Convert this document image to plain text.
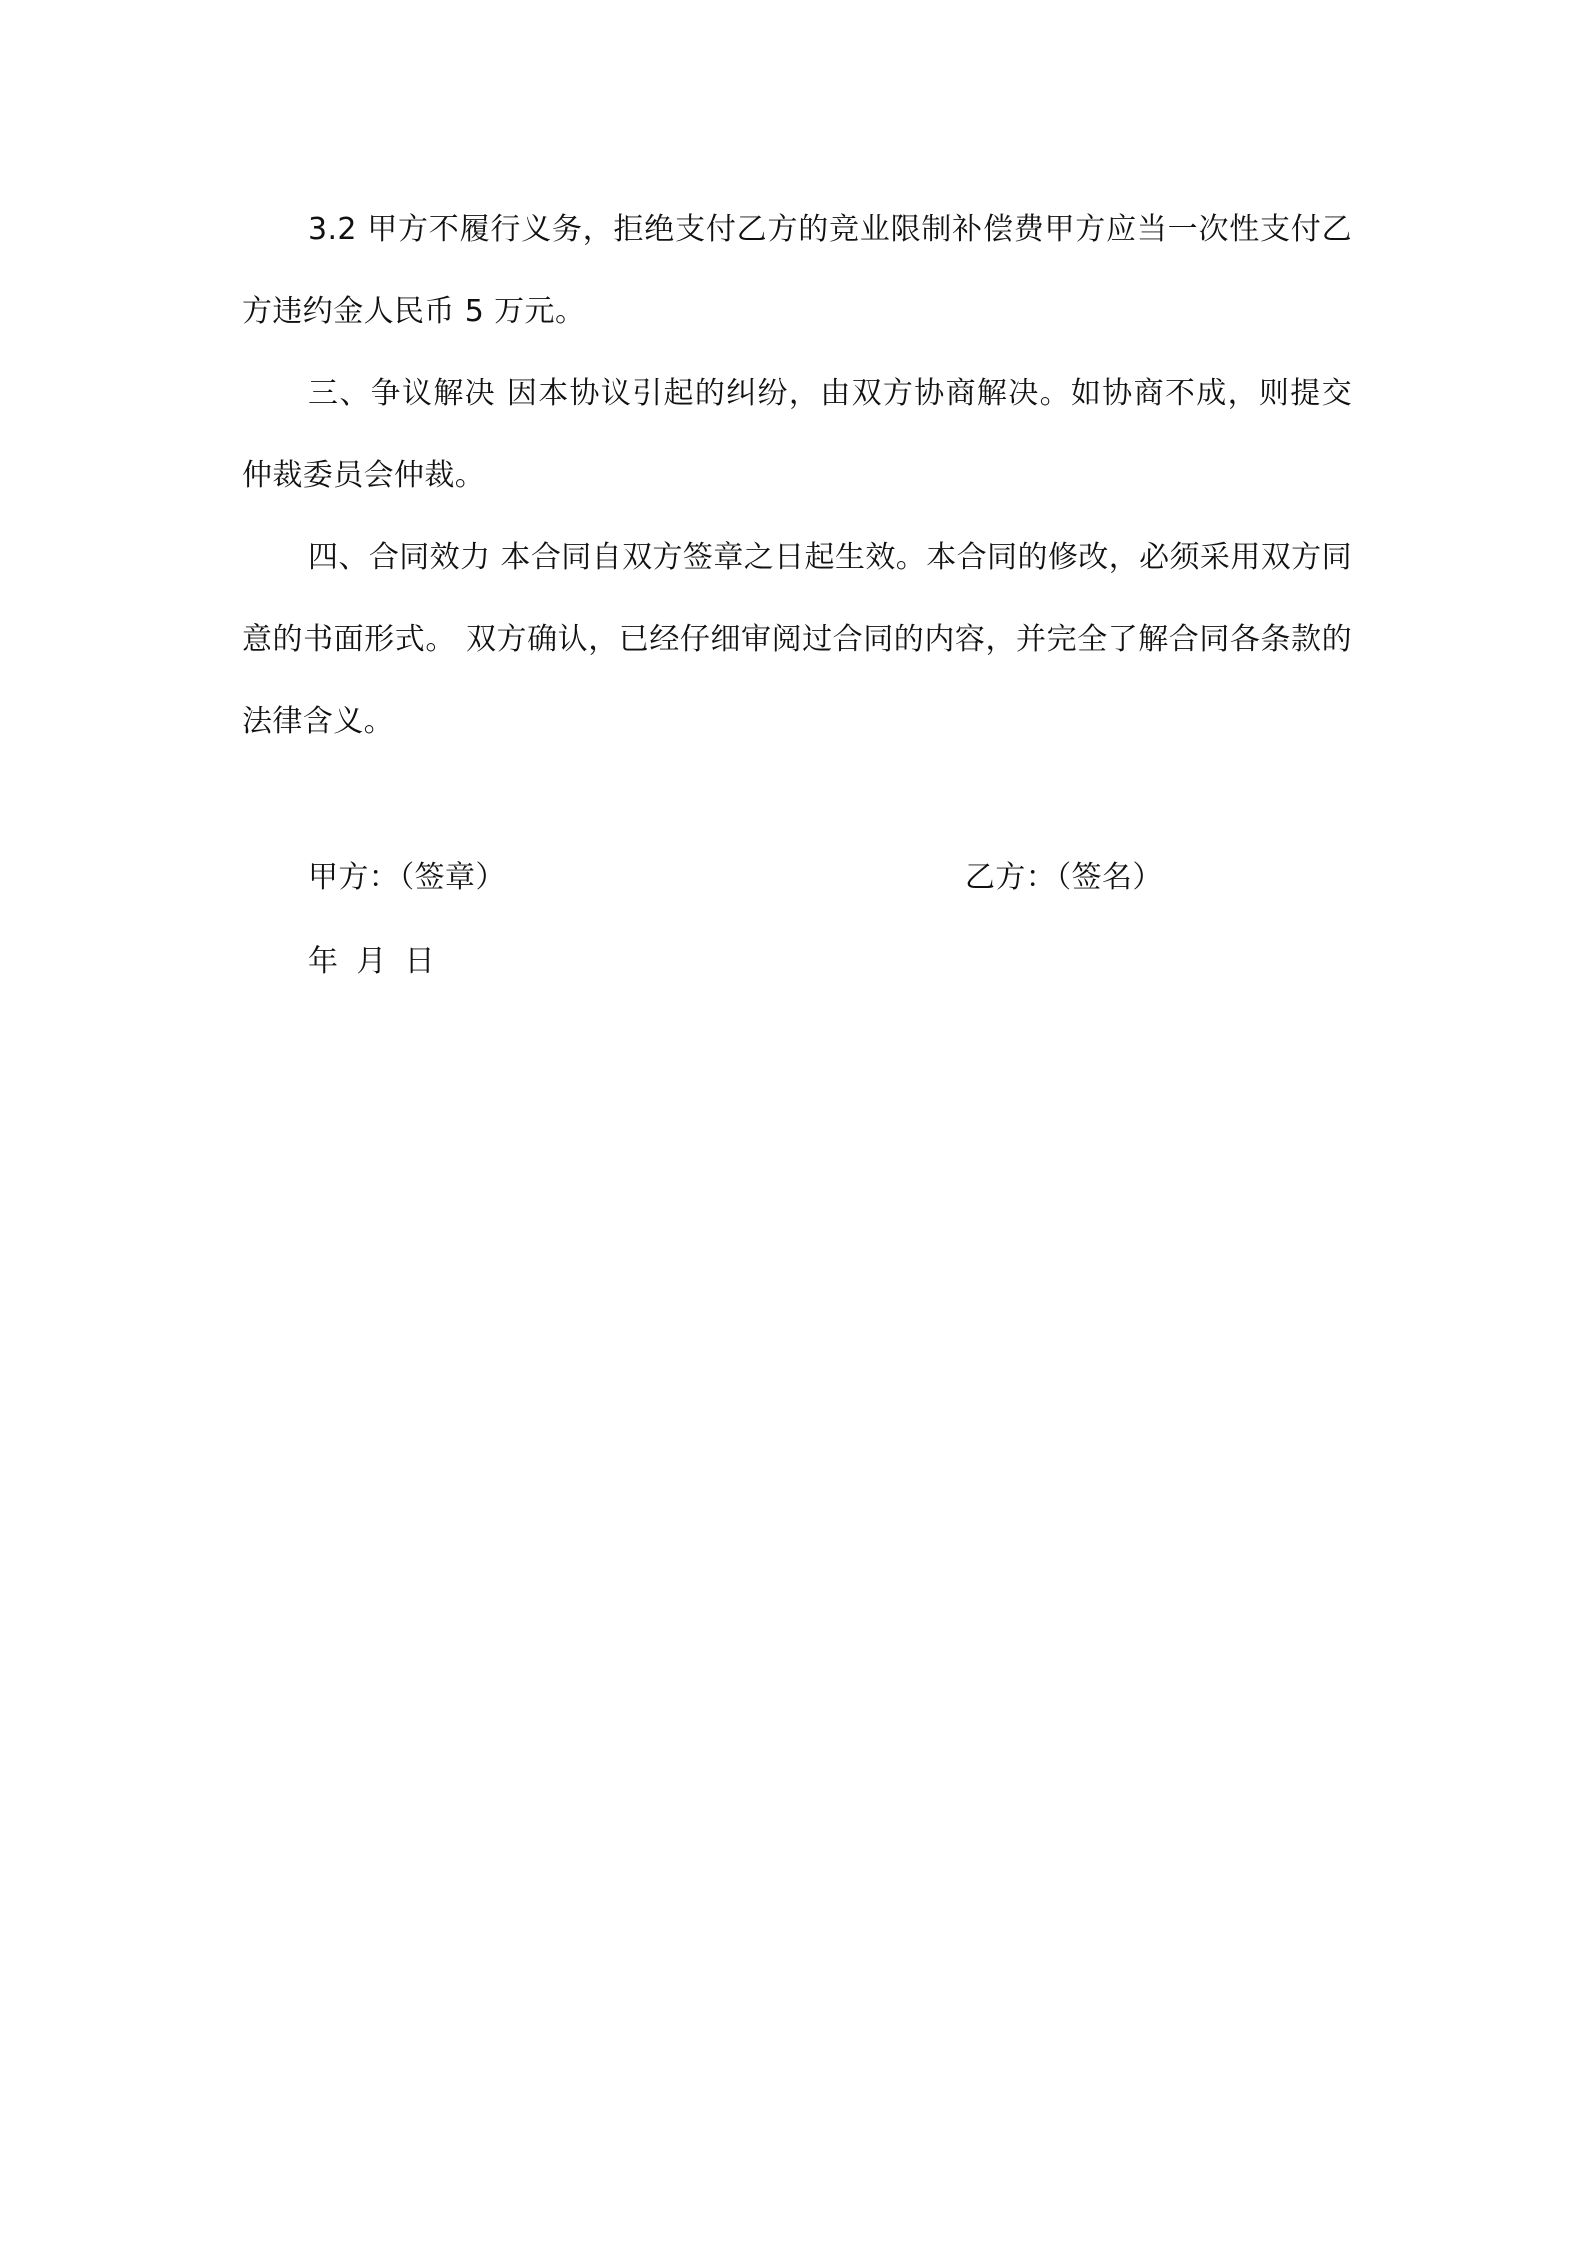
3.2 甲方不履行义务，拒绝支付乙方的竞业限制补偿费甲方应当一次性支付乙方违约金人民币 5 万元。

三、争议解决 因本协议引起的纠纷，由双方协商解决。如协商不成，则提交 仲裁委员会仲裁。

四、合同效力 本合同自双方签章之日起生效。本合同的修改，必须采用双方同意的书面形式。 双方确认，已经仔细审阅过合同的内容，并完全了解合同各条款的法律含义。

甲方：（签章）	乙方：（签名）

年 月 日
